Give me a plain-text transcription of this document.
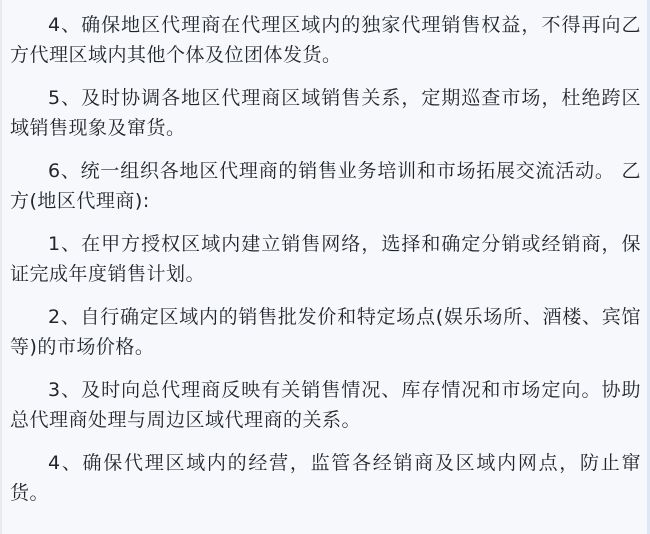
4、确保地区代理商在代理区域内的独家代理销售权益，不得再向乙方代理区域内其他个体及位团体发货。

5、及时协调各地区代理商区域销售关系，定期巡查市场，杜绝跨区域销售现象及窜货。

6、统一组织各地区代理商的销售业务培训和市场拓展交流活动。 乙方(地区代理商):

1、在甲方授权区域内建立销售网络，选择和确定分销或经销商，保证完成年度销售计划。

2、自行确定区域内的销售批发价和特定场点(娱乐场所、酒楼、宾馆等)的市场价格。

3、及时向总代理商反映有关销售情况、库存情况和市场定向。协助总代理商处理与周边区域代理商的关系。

4、确保代理区域内的经营，监管各经销商及区域内网点，防止窜货。
